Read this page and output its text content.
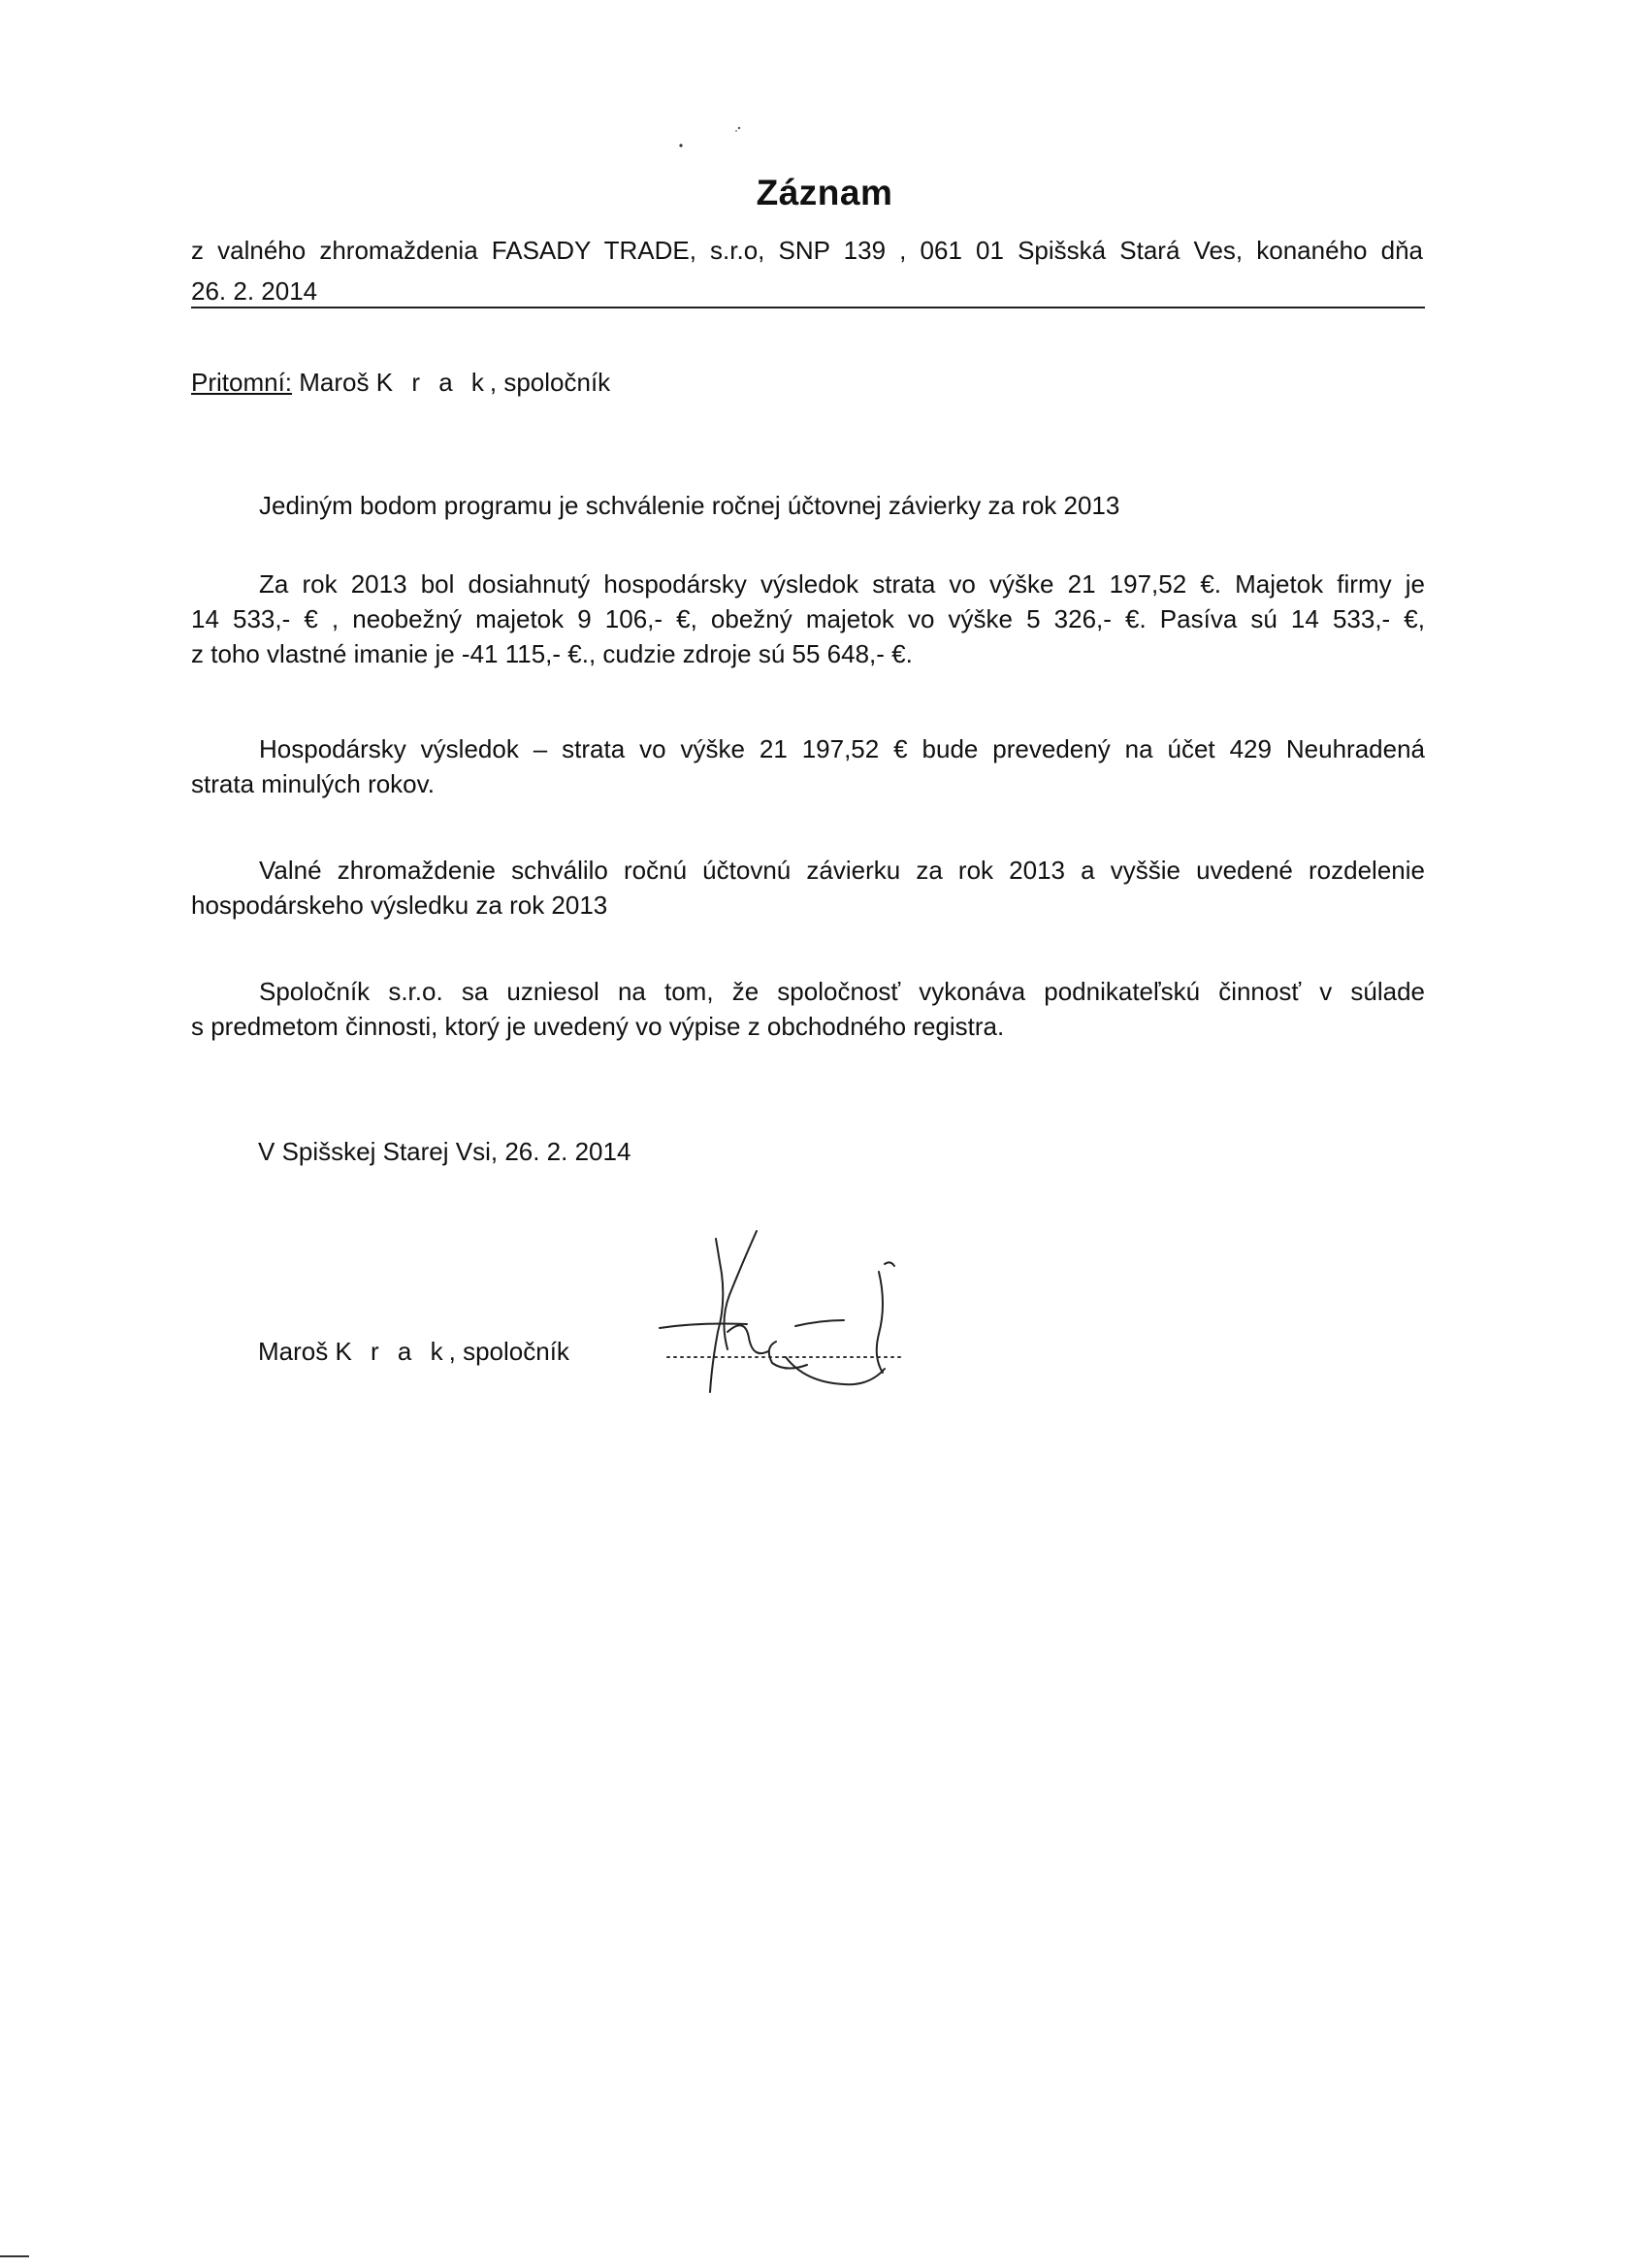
Záznam
z valného zhromaždenia FASADY TRADE, s.r.o, SNP 139 , 061 01 Spišská Stará Ves, konaného dňa
26. 2. 2014
Pritomní: Maroš K r a k, spoločník
Jediným bodom programu je schválenie ročnej účtovnej závierky za rok 2013
Za rok 2013 bol dosiahnutý hospodársky výsledok strata vo výške 21 197,52 €. Majetok firmy je
14 533,- € , neobežný majetok 9 106,- €, obežný majetok vo výške 5 326,- €. Pasíva sú 14 533,- €,
z toho vlastné imanie je -41 115,- €., cudzie zdroje sú 55 648,- €.
Hospodársky výsledok – strata vo výške 21 197,52 € bude prevedený na účet 429 Neuhradená
strata minulých rokov.
Valné zhromaždenie schválilo ročnú účtovnú závierku za rok 2013 a vyššie uvedené rozdelenie
hospodárskeho výsledku za rok 2013
Spoločník s.r.o. sa uzniesol na tom, že spoločnosť vykonáva podnikateľskú činnosť v súlade
s predmetom činnosti, ktorý je uvedený vo výpise z obchodného registra.
V Spišskej Starej Vsi, 26. 2. 2014
Maroš K r a k, spoločník
